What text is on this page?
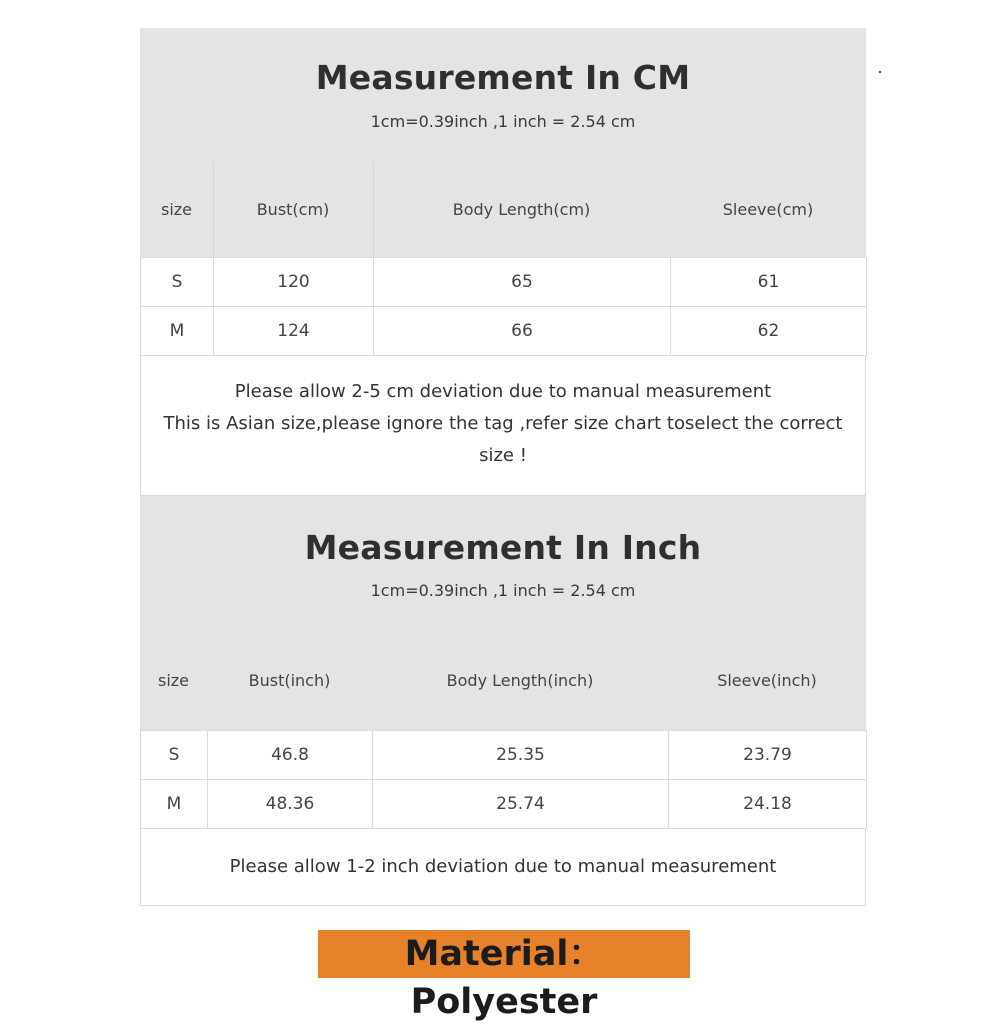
Measurement In CM
1cm=0.39inch ,1 inch = 2.54 cm
size	Bust(cm)	Body Length(cm)	Sleeve(cm)
S	120	65	61
M	124	66	62
Please allow 2-5 cm deviation due to manual measurement
This is Asian size,please ignore the tag ,refer size chart toselect the correct size !
Measurement In Inch
1cm=0.39inch ,1 inch = 2.54 cm
size	Bust(inch)	Body Length(inch)	Sleeve(inch)
S	46.8	25.35	23.79
M	48.36	25.74	24.18
Please allow 1-2 inch deviation due to manual measurement
Material： Polyester
